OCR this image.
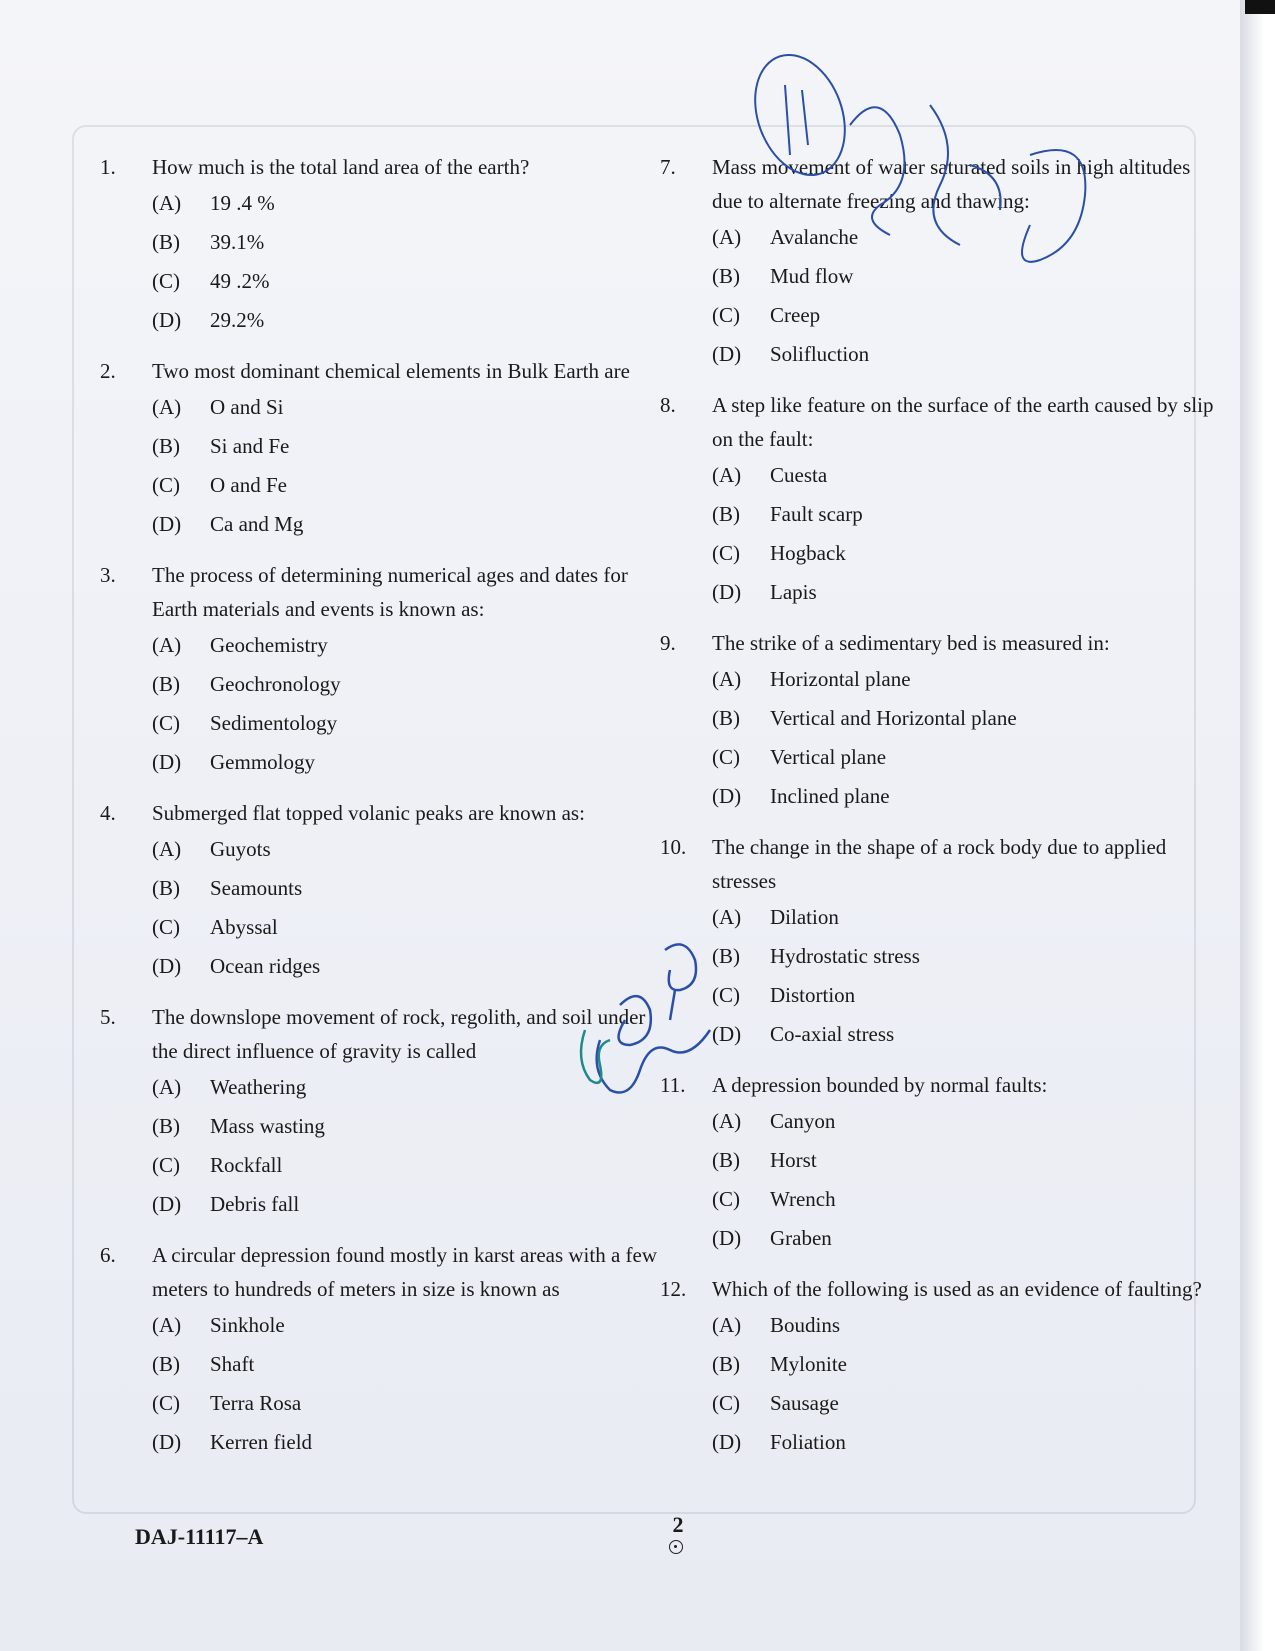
1.	How much is the total land area of the earth?
(A)	19 .4 %
(B)	39.1%
(C)	49 .2%
(D)	29.2%
2.	Two most dominant chemical elements in Bulk Earth are
(A)	O and Si
(B)	Si and Fe
(C)	O and Fe
(D)	Ca and Mg
3.	The process of determining numerical ages and dates for Earth materials and events is known as:
(A)	Geochemistry
(B)	Geochronology
(C)	Sedimentology
(D)	Gemmology
4.	Submerged flat topped volanic peaks are known as:
(A)	Guyots
(B)	Seamounts
(C)	Abyssal
(D)	Ocean ridges
5.	The downslope movement of rock, regolith, and soil under the direct influence of gravity is called
(A)	Weathering
(B)	Mass wasting
(C)	Rockfall
(D)	Debris fall
6.	A circular depression found mostly in karst areas with a few meters to hundreds of meters in size is known as
(A)	Sinkhole
(B)	Shaft
(C)	Terra Rosa
(D)	Kerren field
7.	Mass movement of water saturated soils in high altitudes due to alternate freezing and thawing:
(A)	Avalanche
(B)	Mud flow
(C)	Creep
(D)	Solifluction
8.	A step like feature on the surface of the earth caused by slip on the fault:
(A)	Cuesta
(B)	Fault scarp
(C)	Hogback
(D)	Lapis
9.	The strike of a sedimentary bed is measured in:
(A)	Horizontal plane
(B)	Vertical and Horizontal plane
(C)	Vertical plane
(D)	Inclined plane
10.	The change in the shape of a rock body due to applied stresses
(A)	Dilation
(B)	Hydrostatic stress
(C)	Distortion
(D)	Co-axial stress
11.	A depression bounded by normal faults:
(A)	Canyon
(B)	Horst
(C)	Wrench
(D)	Graben
12.	Which of the following is used as an evidence of faulting?
(A)	Boudins
(B)	Mylonite
(C)	Sausage
(D)	Foliation
DAJ-11117–A	2
